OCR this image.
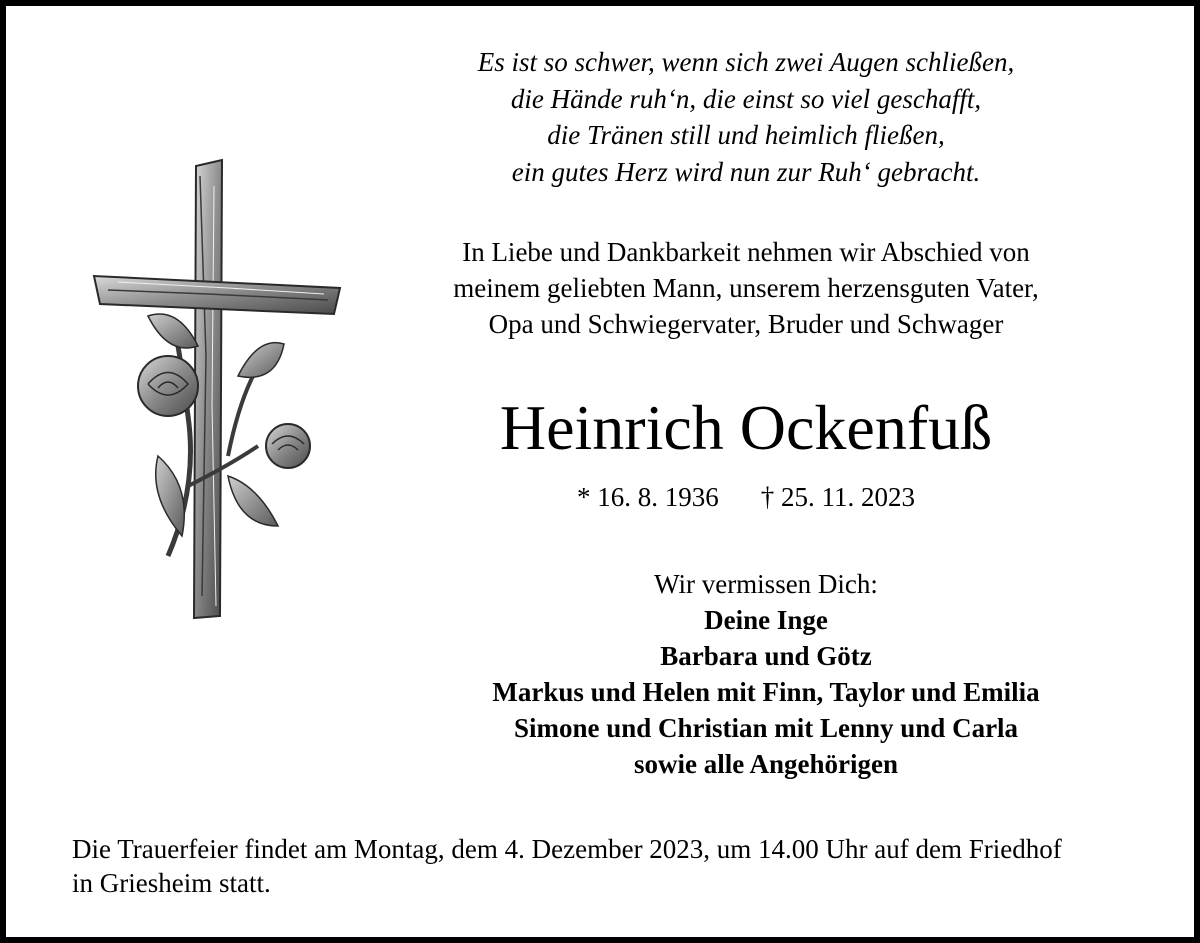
Es ist so schwer, wenn sich zwei Augen schließen,
die Hände ruh‘n, die einst so viel geschafft,
die Tränen still und heimlich fließen,
ein gutes Herz wird nun zur Ruh‘ gebracht.
In Liebe und Dankbarkeit nehmen wir Abschied von
meinem geliebten Mann, unserem herzensguten Vater,
Opa und Schwiegervater, Bruder und Schwager
Heinrich Ockenfuß
* 16. 8. 1936 † 25. 11. 2023
Wir vermissen Dich:
Deine Inge
Barbara und Götz
Markus und Helen mit Finn, Taylor und Emilia
Simone und Christian mit Lenny und Carla
sowie alle Angehörigen
Die Trauerfeier findet am Montag, dem 4. Dezember 2023, um 14.00 Uhr auf dem Friedhof
in Griesheim statt.
